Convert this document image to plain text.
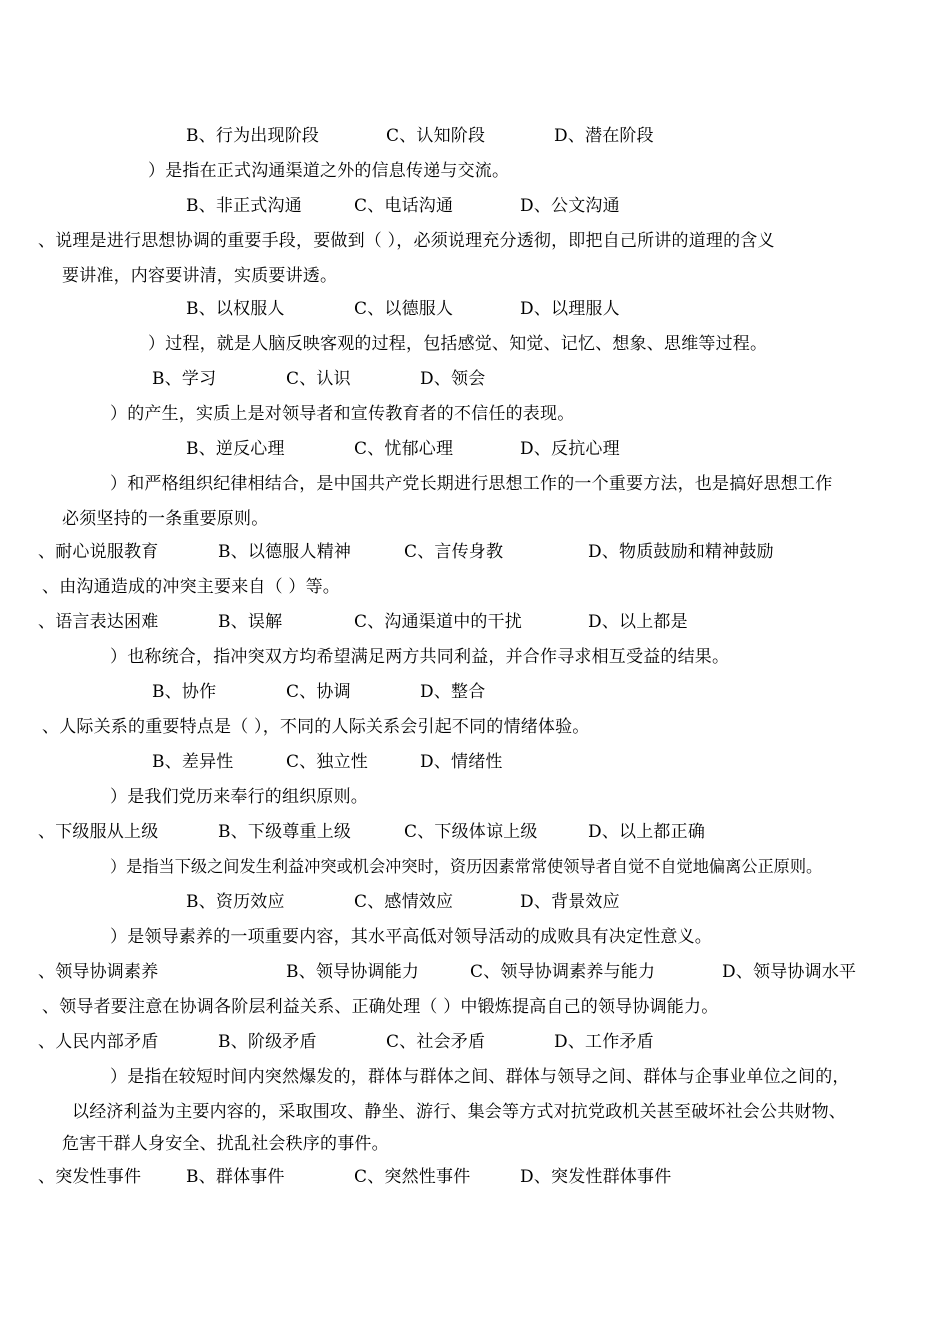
B、行为出现阶段	C、认知阶段	D、潜在阶段
）是指在正式沟通渠道之外的信息传递与交流。
B、非正式沟通	C、电话沟通	D、公文沟通
、说理是进行思想协调的重要手段，要做到（ ），必须说理充分透彻，即把自己所讲的道理的含义
要讲准，内容要讲清，实质要讲透。
B、以权服人	C、以德服人	D、以理服人
）过程，就是人脑反映客观的过程，包括感觉、知觉、记忆、想象、思维等过程。
B、学习	C、认识	D、领会
）的产生，实质上是对领导者和宣传教育者的不信任的表现。
B、逆反心理	C、忧郁心理	D、反抗心理
）和严格组织纪律相结合，是中国共产党长期进行思想工作的一个重要方法，也是搞好思想工作
必须坚持的一条重要原则。
、耐心说服教育	B、以德服人精神	C、言传身教	D、物质鼓励和精神鼓励
、由沟通造成的冲突主要来自（ ）等。
、语言表达困难	B、误解	C、沟通渠道中的干扰	D、以上都是
）也称统合，指冲突双方均希望满足两方共同利益，并合作寻求相互受益的结果。
B、协作	C、协调	D、整合
、人际关系的重要特点是（ ），不同的人际关系会引起不同的情绪体验。
B、差异性	C、独立性	D、情绪性
）是我们党历来奉行的组织原则。
、下级服从上级	B、下级尊重上级	C、下级体谅上级	D、以上都正确
）是指当下级之间发生利益冲突或机会冲突时，资历因素常常使领导者自觉不自觉地偏离公正原则。
B、资历效应	C、感情效应	D、背景效应
）是领导素养的一项重要内容，其水平高低对领导活动的成败具有决定性意义。
、领导协调素养	B、领导协调能力	C、领导协调素养与能力	D、领导协调水平
、领导者要注意在协调各阶层利益关系、正确处理（ ）中锻炼提高自己的领导协调能力。
、人民内部矛盾	B、阶级矛盾	C、社会矛盾	D、工作矛盾
）是指在较短时间内突然爆发的，群体与群体之间、群体与领导之间、群体与企事业单位之间的，
以经济利益为主要内容的，采取围攻、静坐、游行、集会等方式对抗党政机关甚至破坏社会公共财物、
危害干群人身安全、扰乱社会秩序的事件。
、突发性事件	B、群体事件	C、突然性事件	D、突发性群体事件
